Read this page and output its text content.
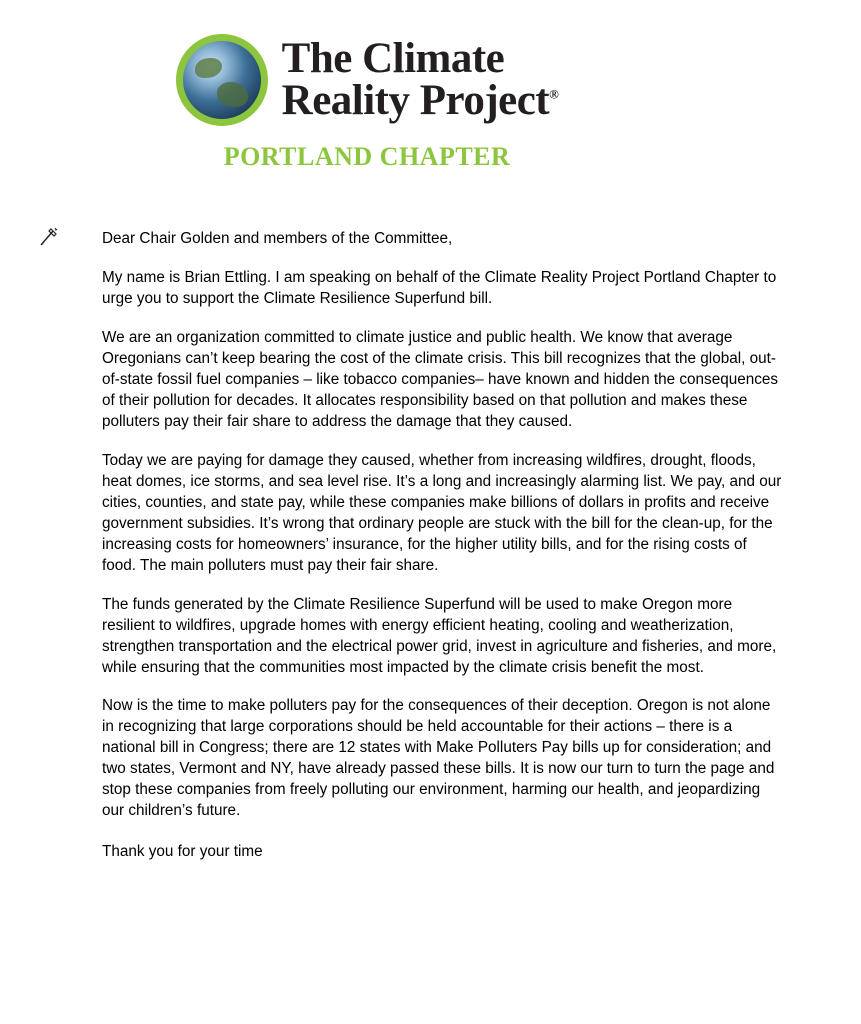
The Climate
Reality Project®
PORTLAND CHAPTER

Dear Chair Golden and members of the Committee,

My name is Brian Ettling. I am speaking on behalf of the Climate Reality Project Portland Chapter to urge you to support the Climate Resilience Superfund bill.

We are an organization committed to climate justice and public health. We know that average Oregonians can’t keep bearing the cost of the climate crisis. This bill recognizes that the global, out-of-state fossil fuel companies – like tobacco companies– have known and hidden the consequences of their pollution for decades. It allocates responsibility based on that pollution and makes these polluters pay their fair share to address the damage that they caused.

Today we are paying for damage they caused, whether from increasing wildfires, drought, floods, heat domes, ice storms, and sea level rise. It’s a long and increasingly alarming list. We pay, and our cities, counties, and state pay, while these companies make billions of dollars in profits and receive government subsidies. It’s wrong that ordinary people are stuck with the bill for the clean-up, for the increasing costs for homeowners’ insurance, for the higher utility bills, and for the rising costs of food. The main polluters must pay their fair share.

The funds generated by the Climate Resilience Superfund will be used to make Oregon more resilient to wildfires, upgrade homes with energy efficient heating, cooling and weatherization, strengthen transportation and the electrical power grid, invest in agriculture and fisheries, and more, while ensuring that the communities most impacted by the climate crisis benefit the most.

Now is the time to make polluters pay for the consequences of their deception. Oregon is not alone in recognizing that large corporations should be held accountable for their actions – there is a national bill in Congress; there are 12 states with Make Polluters Pay bills up for consideration; and two states, Vermont and NY, have already passed these bills. It is now our turn to turn the page and stop these companies from freely polluting our environment, harming our health, and jeopardizing our children’s future.

Thank you for your time
